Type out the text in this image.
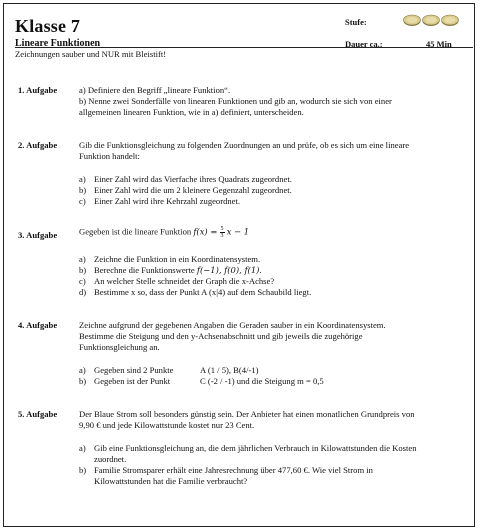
Klasse 7	Stufe:
Lineare Funktionen	Dauer ca.:	45 Min
Zeichnungen sauber und NUR mit Bleistift!
1. Aufgabe	a) Definiere den Begriff „lineare Funktion“.
b) Nenne zwei Sonderfälle von linearen Funktionen und gib an, wodurch sie sich von einer
allgemeinen linearen Funktion, wie in a) definiert, unterscheiden.
2. Aufgabe	Gib die Funktionsgleichung zu folgenden Zuordnungen an und prüfe, ob es sich um eine lineare
Funktion handelt:
a) Einer Zahl wird das Vierfache ihres Quadrats zugeordnet.
b) Einer Zahl wird die um 2 kleinere Gegenzahl zugeordnet.
c) Einer Zahl wird ihre Kehrzahl zugeordnet.
3. Aufgabe	Gegeben ist die lineare Funktion $f(x) = \frac{5}{3}$ x − 1
a) Zeichne die Funktion in ein Koordinatensystem.
b) Berechne die Funktionswerte f(−1), f(0), f(1).
c) An welcher Stelle schneidet der Graph die x-Achse?
d) Bestimme x so, dass der Punkt A (x|4) auf dem Schaubild liegt.
4. Aufgabe	Zeichne aufgrund der gegebenen Angaben die Geraden sauber in ein Koordinatensystem.
Bestimme die Steigung und den y-Achsenabschnitt und gib jeweils die zugehörige
Funktionsgleichung an.
a) Gegeben sind 2 Punkte	A (1 / 5), B(4/-1)
b) Gegeben ist der Punkt	C (-2 / -1) und die Steigung m = 0,5
5. Aufgabe	Der Blaue Strom soll besonders günstig sein. Der Anbieter hat einen monatlichen Grundpreis von
9,90 € und jede Kilowattstunde kostet nur 23 Cent.
a) Gib eine Funktionsgleichung an, die dem jährlichen Verbrauch in Kilowattstunden die Kosten
zuordnet.
b) Familie Stromsparer erhält eine Jahresrechnung über 477,60 €. Wie viel Strom in
Kilowattstunden hat die Familie verbraucht?
